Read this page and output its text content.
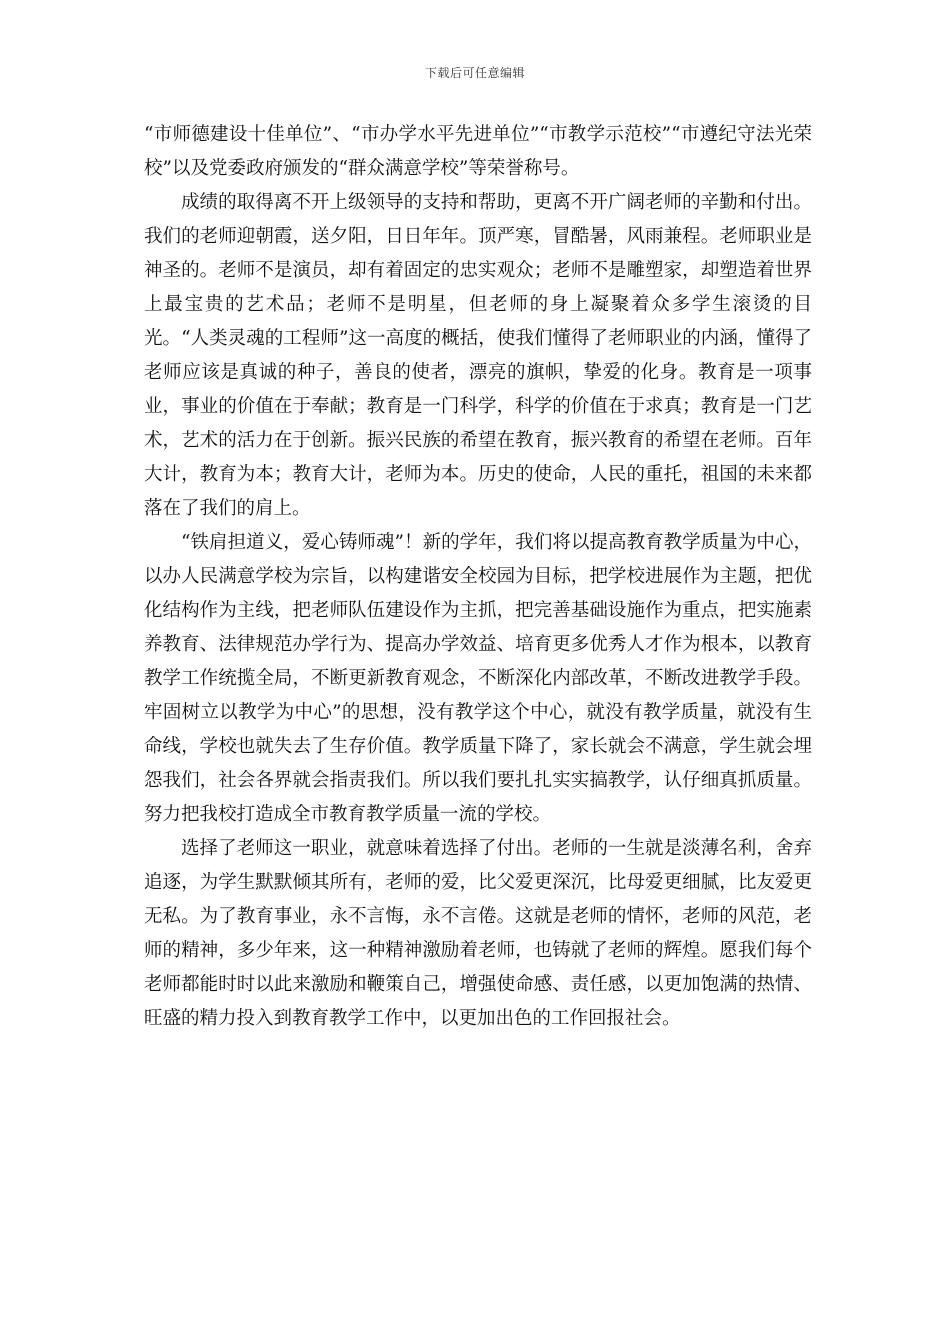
下载后可任意编辑

“市师德建设十佳单位”、“市办学水平先进单位”“市教学示范校”“市遵纪守法光荣校”以及党委政府颁发的“群众满意学校”等荣誉称号。

成绩的取得离不开上级领导的支持和帮助，更离不开广阔老师的辛勤和付出。我们的老师迎朝霞，送夕阳，日日年年。顶严寒，冒酷暑，风雨兼程。老师职业是神圣的。老师不是演员，却有着固定的忠实观众；老师不是雕塑家，却塑造着世界上最宝贵的艺术品；老师不是明星，但老师的身上凝聚着众多学生滚烫的目光。“人类灵魂的工程师”这一高度的概括，使我们懂得了老师职业的内涵，懂得了老师应该是真诚的种子，善良的使者，漂亮的旗帜，挚爱的化身。教育是一项事业，事业的价值在于奉献；教育是一门科学，科学的价值在于求真；教育是一门艺术，艺术的活力在于创新。振兴民族的希望在教育，振兴教育的希望在老师。百年大计，教育为本；教育大计，老师为本。历史的使命，人民的重托，祖国的未来都落在了我们的肩上。

“铁肩担道义，爱心铸师魂”！新的学年，我们将以提高教育教学质量为中心，以办人民满意学校为宗旨，以构建谐安全校园为目标，把学校进展作为主题，把优化结构作为主线，把老师队伍建设作为主抓，把完善基础设施作为重点，把实施素养教育、法律规范办学行为、提高办学效益、培育更多优秀人才作为根本，以教育教学工作统揽全局，不断更新教育观念，不断深化内部改革，不断改进教学手段。牢固树立以教学为中心”的思想，没有教学这个中心，就没有教学质量，就没有生命线，学校也就失去了生存价值。教学质量下降了，家长就会不满意，学生就会埋怨我们，社会各界就会指责我们。所以我们要扎扎实实搞教学，认仔细真抓质量。努力把我校打造成全市教育教学质量一流的学校。

选择了老师这一职业，就意味着选择了付出。老师的一生就是淡薄名利，舍弃追逐，为学生默默倾其所有，老师的爱，比父爱更深沉，比母爱更细腻，比友爱更无私。为了教育事业，永不言悔，永不言倦。这就是老师的情怀，老师的风范，老师的精神，多少年来，这一种精神激励着老师，也铸就了老师的辉煌。愿我们每个老师都能时时以此来激励和鞭策自己，增强使命感、责任感，以更加饱满的热情、旺盛的精力投入到教育教学工作中，以更加出色的工作回报社会。
